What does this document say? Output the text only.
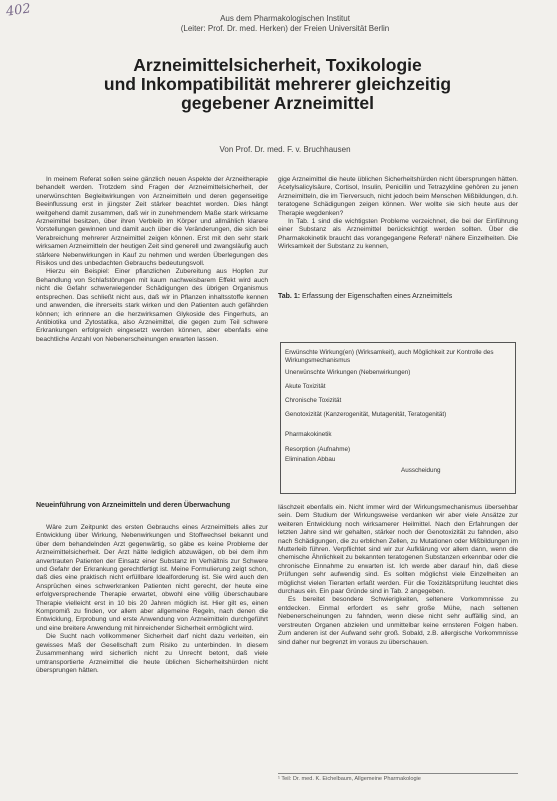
402	Aus dem Pharmakologischen Institut
(Leiter: Prof. Dr. med. Herken) der Freien Universität Berlin
Arzneimittelsicherheit, Toxikologie
und Inkompatibilität mehrerer gleichzeitig
gegebener Arzneimittel
Von Prof. Dr. med. F. v. Bruchhausen

In meinem Referat sollen seine gänzlich neuen Aspekte der Arzneitherapie behandelt werden. Trotzdem sind Fragen der Arzneimittelsicherheit, der unerwünschten Begleitwirkungen von Arzneimitteln und deren gegenseitige Beeinflussung erst in jüngster Zeit stärker beachtet worden. Dies hängt weitgehend damit zusammen, daß wir in zunehmendem Maße stark wirksame Arzneimittel besitzen, über ihren Verbleib im Körper und allmählich klarere Vorstellungen gewinnen und damit auch über die Veränderungen, die sich bei Verabreichung mehrerer Arzneimittel zeigen können. Erst mit den sehr stark wirksamen Arzneimitteln der heutigen Zeit sind generell und zwangsläufig auch stärkere Nebenwirkungen in Kauf zu nehmen und werden Überlegungen des Risikos und des unbedachten Gebrauchs bedeutungsvoll.

Hierzu ein Beispiel: Einer pflanzlichen Zubereitung aus Hopfen zur Behandlung von Schlafstörungen mit kaum nachweisbarem Effekt wird auch nicht die Gefahr schwerwiegender Schädigungen des übrigen Organismus entsprechen. Das schließt nicht aus, daß wir in Pflanzen inhaltsstoffe kennen und anwenden, die ihrerseits stark wirken und den Patienten auch gefährden können; ich erinnere an die herzwirksamen Glykoside des Fingerhuts, an Antibiotika und Zytostatika, also Arzneimittel, die gegen zum Teil schwere Erkrankungen erfolgreich eingesetzt werden können, aber ebenfalls eine beachtliche Anzahl von Nebenerscheinungen erwarten lassen.

Neueinführung von Arzneimitteln und deren Überwachung

Wäre zum Zeitpunkt des ersten Gebrauchs eines Arzneimittels alles zur Entwicklung über Wirkung, Nebenwirkungen und Stoffwechsel bekannt und über dem behandelnden Arzt gegenwärtig, so gäbe es keine Probleme der Arzneimittelsicherheit. Der Arzt hätte lediglich abzuwägen, ob bei dem ihm anvertrauten Patienten der Einsatz einer Substanz im Verhältnis zur Schwere und Gefahr der Erkrankung gerechtfertigt ist. Meine Formulierung zeigt schon, daß dies eine praktisch nicht erfüllbare Idealforderung ist. Sie wird auch den Ansprüchen eines schwerkranken Patienten nicht gerecht, der heute eine erfolgversprechende Therapie erwartet, obwohl eine völlig überschaubare Therapie vielleicht erst in 10 bis 20 Jahren möglich ist. Hier gilt es, einen Kompromiß zu finden, vor allem aber allgemeine Regeln, nach denen die Entwicklung, Erprobung und erste Anwendung von Arzneimitteln durchgeführt und eine breitere Anwendung mit hinreichender Sicherheit ermöglicht wird.

Die Sucht nach vollkommener Sicherheit darf nicht dazu verleiten, ein gewisses Maß der Gesellschaft zum Risiko zu unterbinden. In diesem Zusammenhang wird sicherlich nicht zu Unrecht betont, daß viele umtransportierte Arzneimittel die heute üblichen Sicherheitshürden nicht übersprungen hätten.

gige Arzneimittel die heute üblichen Sicherheitshürden nicht übersprungen hätten. Acetylsalicylsäure, Cortisol, Insulin, Penicillin und Tetrazykline gehören zu jenen Arzneimitteln, die im Tierversuch, nicht jedoch beim Menschen Mißbildungen, d.h. teratogene Schädigungen zeigen können. Wer wollte sie sich heute aus der Therapie wegdenken?

In Tab. 1 sind die wichtigsten Probleme verzeichnet, die bei der Einführung einer Substanz als Arzneimittel berücksichtigt werden sollten. Über die Pharmakokinetik braucht das vorangegangene Referat¹ nähere Einzelheiten. Die Wirksamkeit der Substanz zu kennen,

Tab. 1: Erfassung der Eigenschaften eines Arzneimittels
Erwünschte Wirkung(en) (Wirksamkeit), auch Möglichkeit zur Kontrolle des Wirkungsmechanismus
Unerwünschte Wirkungen (Nebenwirkungen)
Akute Toxizität
Chronische Toxizität
Genotoxizität (Kanzerogenität, Mutagenität, Teratogenität)
Pharmakokinetik
Resorption (Aufnahme)
Elimination Abbau
Ausscheidung

Iäschzeit ebenfalls ein. Nicht immer wird der Wirkungsmechanismus übersehbar sein. Dem Studium der Wirkungsweise verdanken wir aber viele Ansätze zur weiteren Entwicklung noch wirksamerer Heilmittel. Nach den Erfahrungen der letzten Jahre sind wir gehalten, stärker noch der Genotoxizität zu fahnden, also nach Schädigungen, die zu erblichen Zellen, zu Mutationen oder Mißbildungen im Mutterleib führen. Verpflichtet sind wir zur Aufklärung vor allem dann, wenn die chemische Ähnlichkeit zu bekannten teratogenen Substanzen erkennbar oder die chronische Einnahme zu erwarten ist. Ich werde aber darauf hin, daß diese Prüfungen sehr aufwendig sind. Es sollten möglichst viele Einzelheiten an möglichst vielen Tierarten erfaßt werden. Für die Toxizitätsprüfung leuchtet dies durchaus ein. Ein paar Gründe sind in Tab. 2 angegeben.

Es bereitet besondere Schwierigkeiten, seltenere Vorkommnisse zu entdecken. Einmal erfordert es sehr große Mühe, nach seltenen Nebenerscheinungen zu fahnden, wenn diese nicht sehr auffällig sind, an verstreuten Organen abzielen und unmittelbar keine ernsteren Folgen haben. Zum anderen ist der Aufwand sehr groß. Sobald, z.B. allergische Vorkommnisse sind daher nur begrenzt im voraus zu überschauen.

¹ Teil: Dr. med. K. Eichelbaum, Allgemeine Pharmakologie
